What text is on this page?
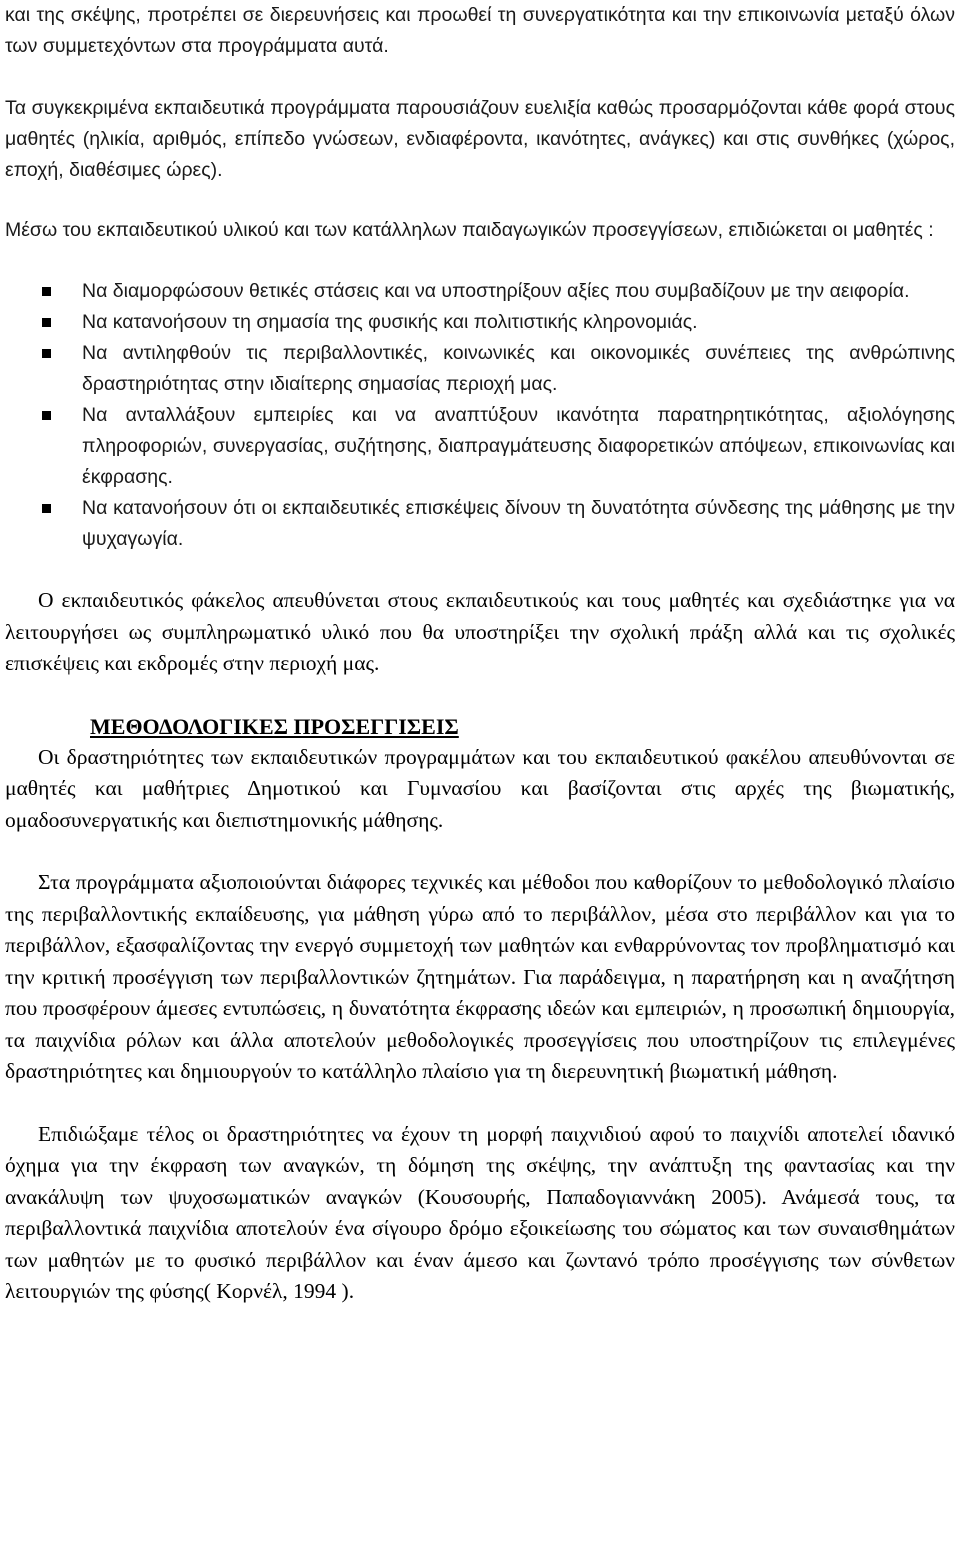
και της σκέψης, προτρέπει σε διερευνήσεις και προωθεί τη συνεργατικότητα και την επικοινωνία μεταξύ όλων των συμμετεχόντων στα προγράμματα αυτά.

Τα συγκεκριμένα εκπαιδευτικά προγράμματα παρουσιάζουν ευελιξία καθώς προσαρμόζονται κάθε φορά στους μαθητές (ηλικία, αριθμός, επίπεδο γνώσεων, ενδιαφέροντα, ικανότητες, ανάγκες) και στις συνθήκες (χώρος, εποχή, διαθέσιμες ώρες).

Μέσω του εκπαιδευτικού υλικού και των κατάλληλων παιδαγωγικών προσεγγίσεων, επιδιώκεται οι μαθητές :

Να διαμορφώσουν θετικές στάσεις και να υποστηρίξουν αξίες που συμβαδίζουν με την αειφορία.
Να κατανοήσουν τη σημασία της φυσικής και πολιτιστικής κληρονομιάς.
Να αντιληφθούν τις περιβαλλοντικές, κοινωνικές και οικονομικές συνέπειες της ανθρώπινης δραστηριότητας στην ιδιαίτερης σημασίας περιοχή μας.
Να ανταλλάξουν εμπειρίες και να αναπτύξουν ικανότητα παρατηρητικότητας, αξιολόγησης πληροφοριών, συνεργασίας, συζήτησης, διαπραγμάτευσης διαφορετικών απόψεων, επικοινωνίας και έκφρασης.
Να κατανοήσουν ότι οι εκπαιδευτικές επισκέψεις δίνουν τη δυνατότητα σύνδεσης της μάθησης με την ψυχαγωγία.

Ο εκπαιδευτικός φάκελος απευθύνεται στους εκπαιδευτικούς και τους μαθητές και σχεδιάστηκε για να λειτουργήσει ως συμπληρωματικό υλικό που θα υποστηρίξει την σχολική πράξη αλλά και τις σχολικές επισκέψεις και εκδρομές στην περιοχή μας.

ΜΕΘΟΔΟΛΟΓΙΚΕΣ ΠΡΟΣΕΓΓΙΣΕΙΣ

Οι δραστηριότητες των εκπαιδευτικών προγραμμάτων και του εκπαιδευτικού φακέλου απευθύνονται σε μαθητές και μαθήτριες Δημοτικού και Γυμνασίου και βασίζονται στις αρχές της βιωματικής, ομαδοσυνεργατικής και διεπιστημονικής μάθησης.

Στα προγράμματα αξιοποιούνται διάφορες τεχνικές και μέθοδοι που καθορίζουν το μεθοδολογικό πλαίσιο της περιβαλλοντικής εκπαίδευσης, για μάθηση γύρω από το περιβάλλον, μέσα στο περιβάλλον και για το περιβάλλον, εξασφαλίζοντας την ενεργό συμμετοχή των μαθητών και ενθαρρύνοντας τον προβληματισμό και την κριτική προσέγγιση των περιβαλλοντικών ζητημάτων. Για παράδειγμα, η παρατήρηση και η αναζήτηση που προσφέρουν άμεσες εντυπώσεις, η δυνατότητα έκφρασης ιδεών και εμπειριών, η προσωπική δημιουργία, τα παιχνίδια ρόλων και άλλα αποτελούν μεθοδολογικές προσεγγίσεις που υποστηρίζουν τις επιλεγμένες δραστηριότητες και δημιουργούν το κατάλληλο πλαίσιο για τη διερευνητική βιωματική μάθηση.

Επιδιώξαμε τέλος οι δραστηριότητες να έχουν τη μορφή παιχνιδιού αφού το παιχνίδι αποτελεί ιδανικό όχημα για την έκφραση των αναγκών, τη δόμηση της σκέψης, την ανάπτυξη της φαντασίας και την ανακάλυψη των ψυχοσωματικών αναγκών (Κουσουρής, Παπαδογιαννάκη 2005). Ανάμεσά τους, τα περιβαλλοντικά παιχνίδια αποτελούν ένα σίγουρο δρόμο εξοικείωσης του σώματος και των συναισθημάτων των μαθητών με το φυσικό περιβάλλον και έναν άμεσο και ζωντανό τρόπο προσέγγισης των σύνθετων λειτουργιών της φύσης( Κορνέλ, 1994 ).
